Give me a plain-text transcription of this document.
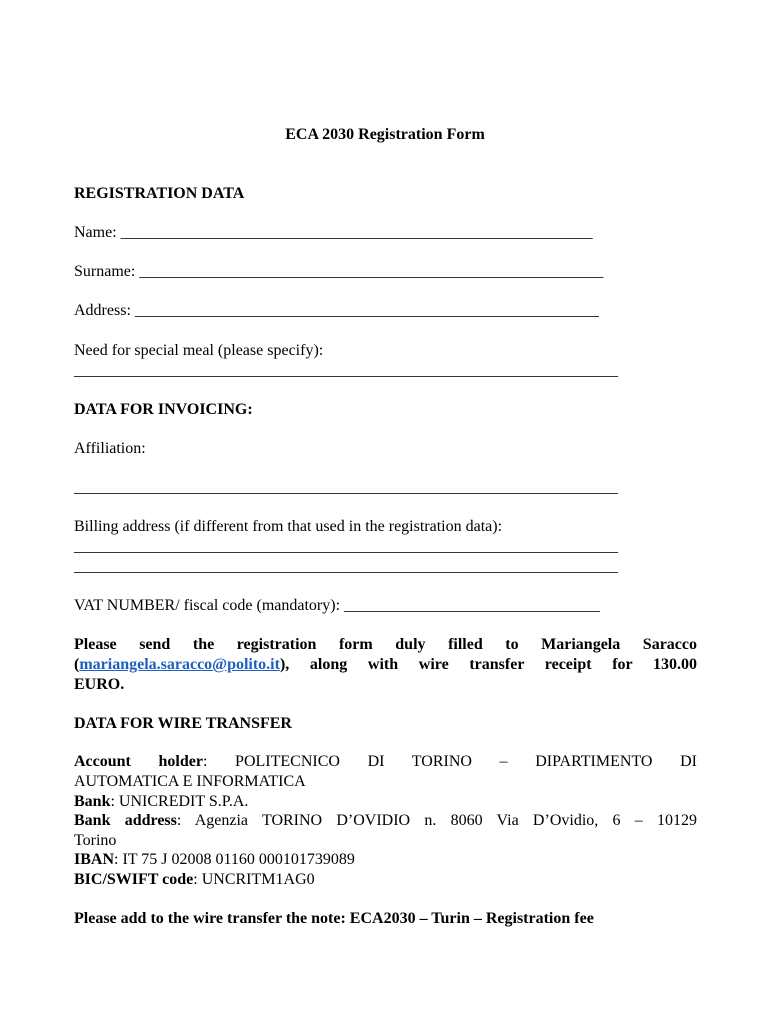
ECA 2030 Registration Form
REGISTRATION DATA
Name: ___________________________________________________________
Surname: __________________________________________________________
Address: __________________________________________________________
Need for special meal (please specify):
____________________________________________________________________
DATA FOR INVOICING:
Affiliation:
____________________________________________________________________
Billing address (if different from that used in the registration data):
____________________________________________________________________
____________________________________________________________________
VAT NUMBER/ fiscal code (mandatory): ________________________________
Please send the registration form duly filled to Mariangela Saracco
(mariangela.saracco@polito.it), along with wire transfer receipt for 130.00
EURO.
DATA FOR WIRE TRANSFER
Account holder: POLITECNICO DI TORINO – DIPARTIMENTO DI
AUTOMATICA E INFORMATICA
Bank: UNICREDIT S.P.A.
Bank address: Agenzia TORINO D’OVIDIO n. 8060 Via D’Ovidio, 6 – 10129
Torino
IBAN: IT 75 J 02008 01160 000101739089
BIC/SWIFT code: UNCRITM1AG0
Please add to the wire transfer the note: ECA2030 – Turin – Registration fee
